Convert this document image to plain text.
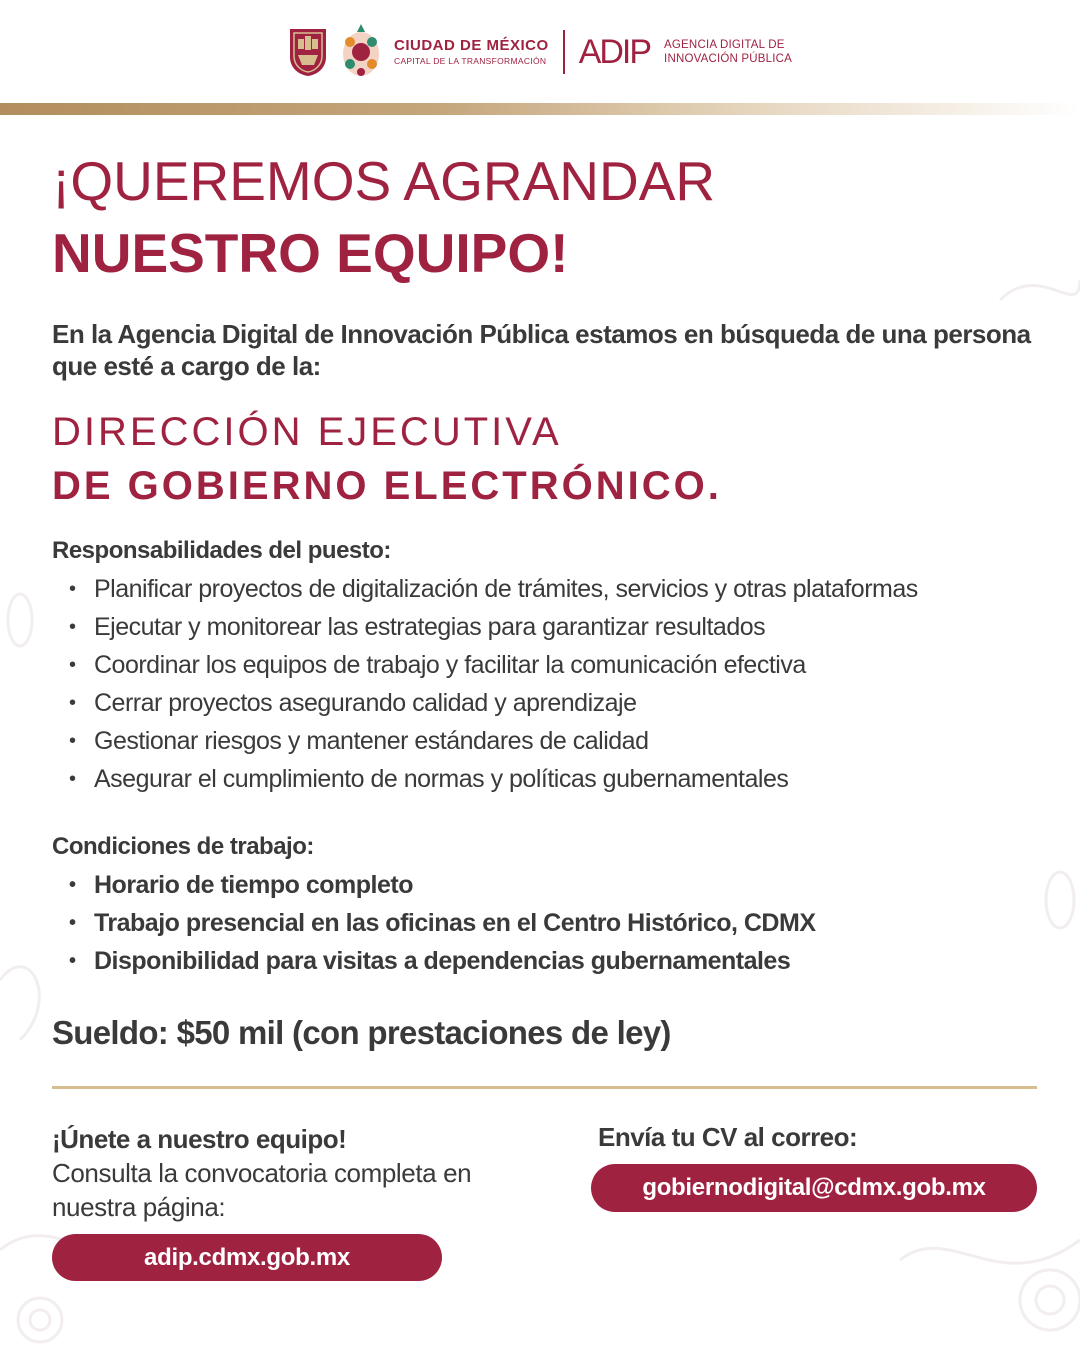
CIUDAD DE MÉXICO
CAPITAL DE LA TRANSFORMACIÓN ADIP AGENCIA DIGITAL DE
INNOVACIÓN PÚBLICA
¡QUEREMOS AGRANDAR
NUESTRO EQUIPO!
En la Agencia Digital de Innovación Pública estamos en búsqueda de una persona que esté a cargo de la:
DIRECCIÓN EJECUTIVA
DE GOBIERNO ELECTRÓNICO.
Responsabilidades del puesto:
• Planificar proyectos de digitalización de trámites, servicios y otras plataformas
• Ejecutar y monitorear las estrategias para garantizar resultados
• Coordinar los equipos de trabajo y facilitar la comunicación efectiva
• Cerrar proyectos asegurando calidad y aprendizaje
• Gestionar riesgos y mantener estándares de calidad
• Asegurar el cumplimiento de normas y políticas gubernamentales
Condiciones de trabajo:
• Horario de tiempo completo
• Trabajo presencial en las oficinas en el Centro Histórico, CDMX
• Disponibilidad para visitas a dependencias gubernamentales
Sueldo: $50 mil (con prestaciones de ley)
¡Únete a nuestro equipo!
Consulta la convocatoria completa en nuestra página:
adip.cdmx.gob.mx
Envía tu CV al correo:
gobiernodigital@cdmx.gob.mx
